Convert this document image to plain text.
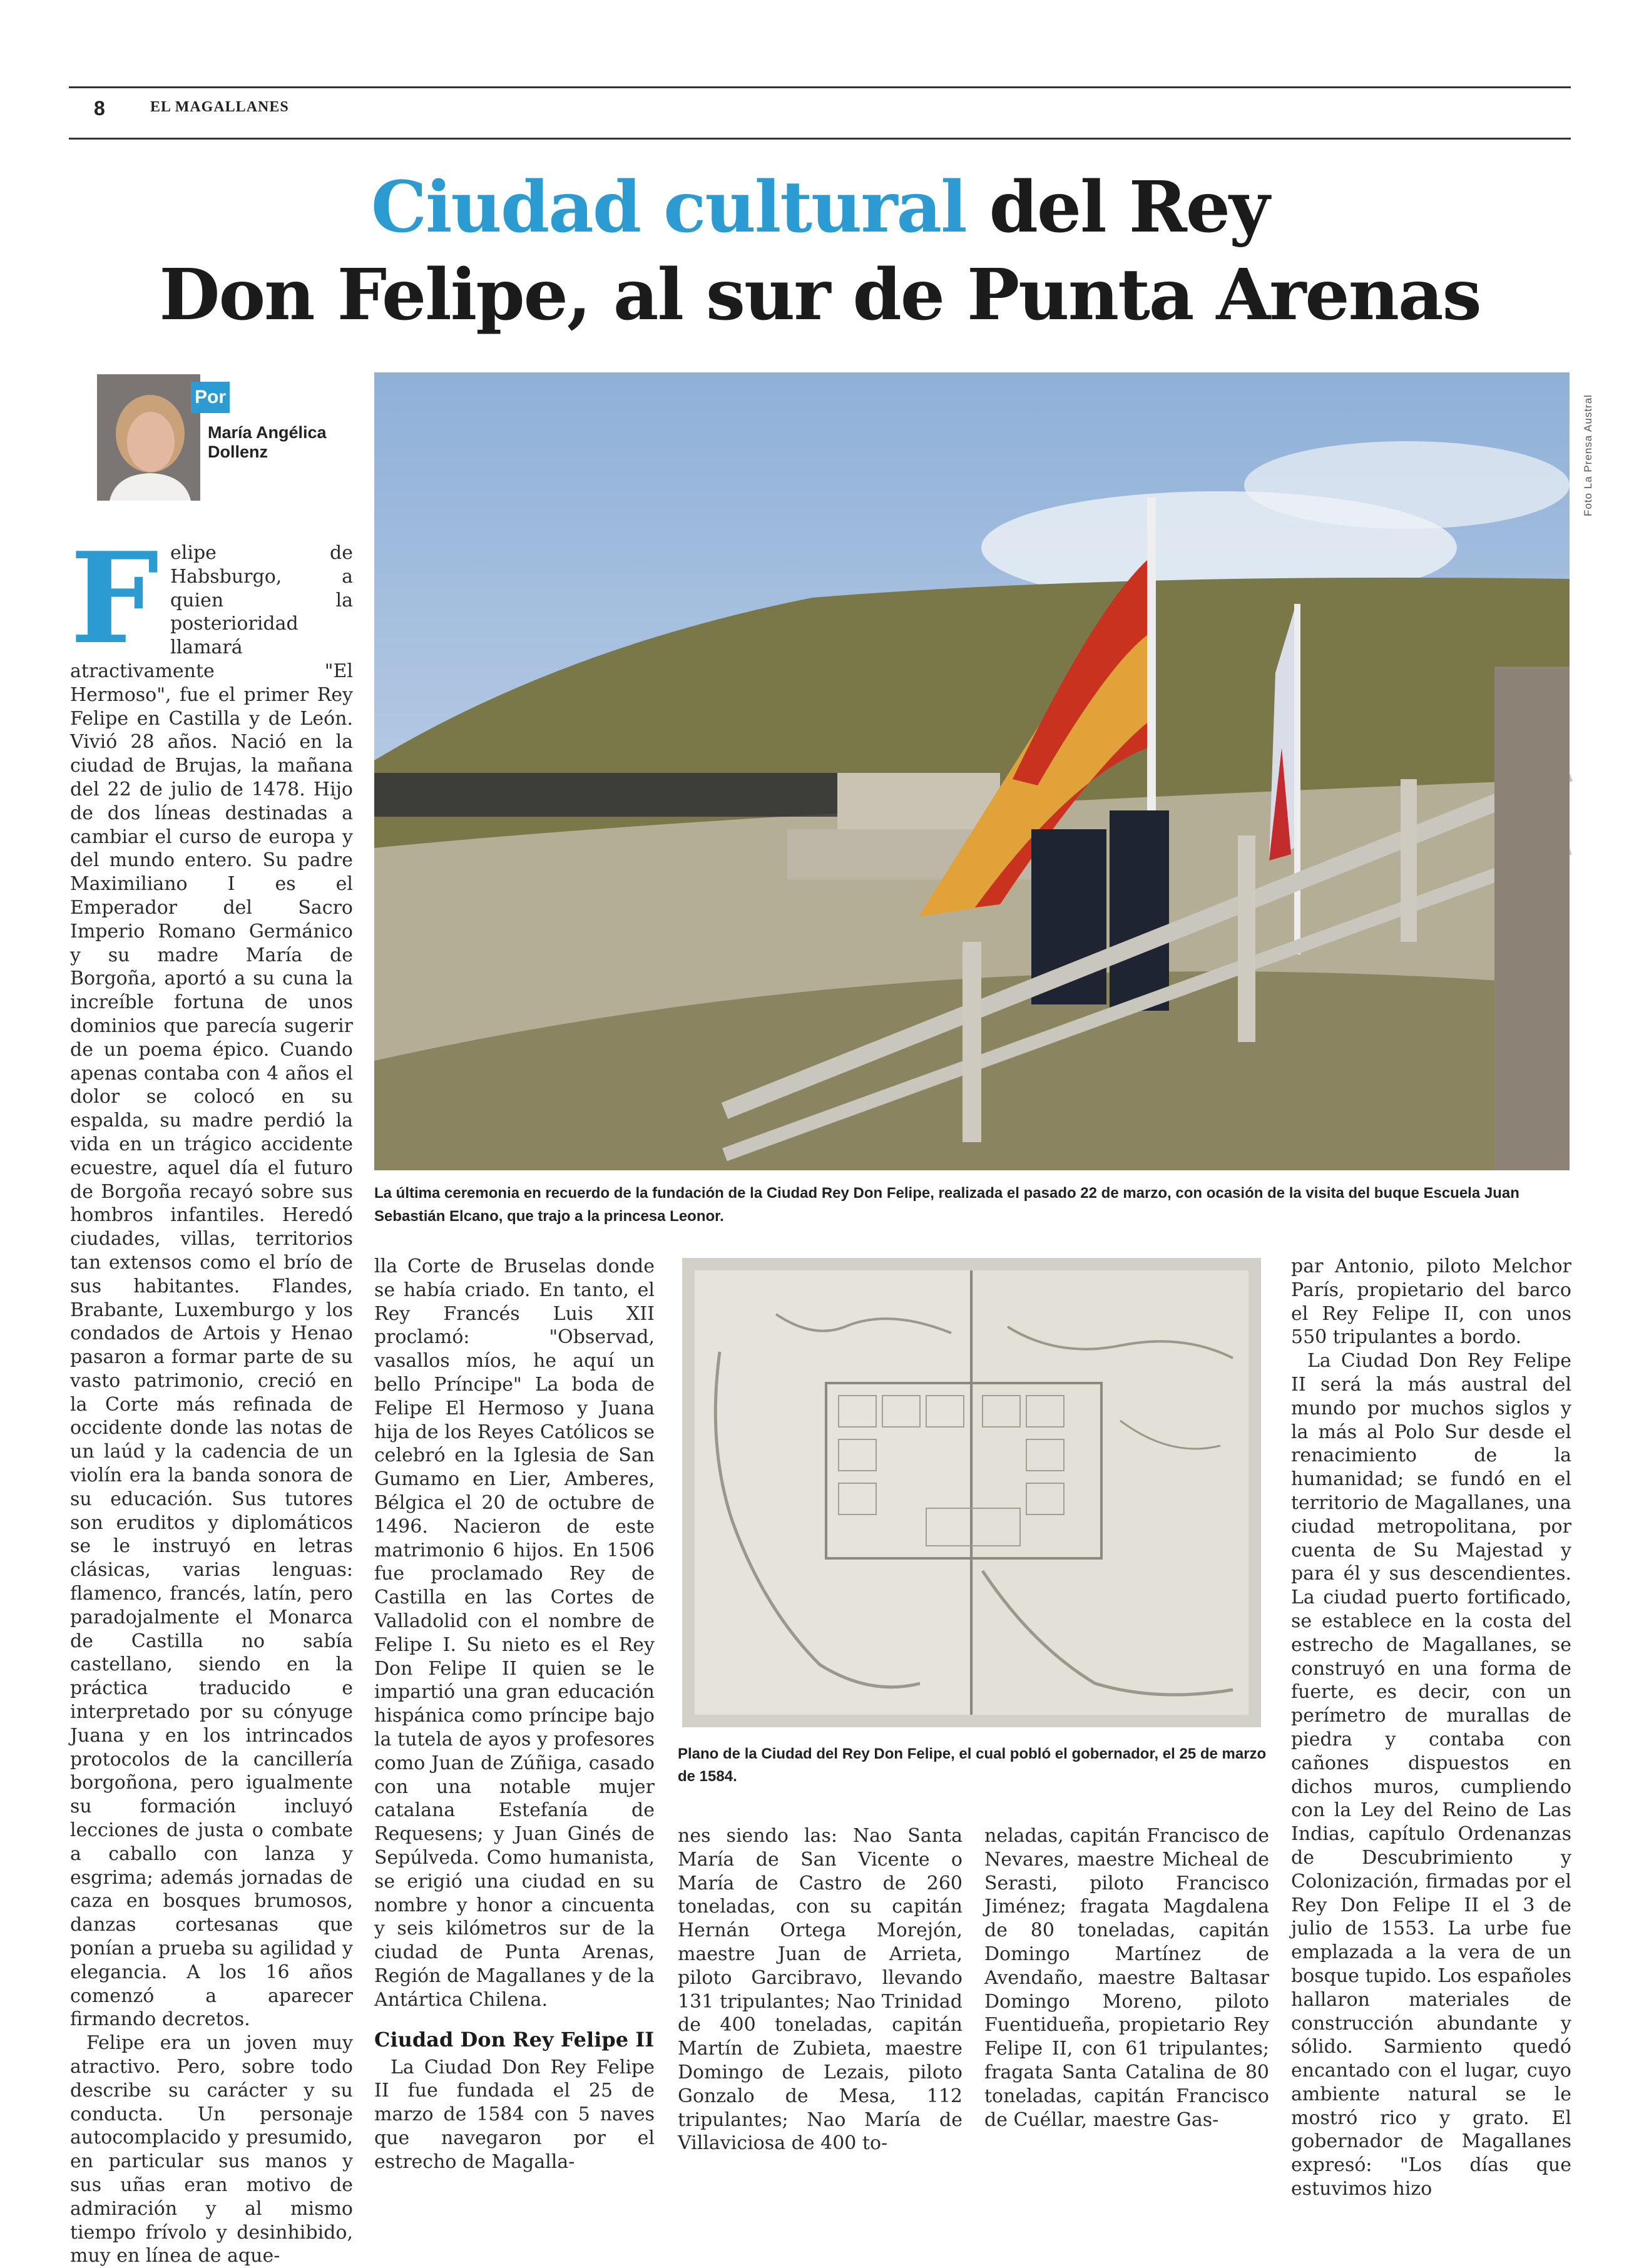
8	EL MAGALLANES
Ciudad cultural del Rey
Don Felipe, al sur de Punta Arenas
Por
María Angélica Dollenz	Foto La Prensa Austral
La última ceremonia en recuerdo de la fundación de la Ciudad Rey Don Felipe, realizada el pasado 22 de marzo, con ocasión de la visita del buque Escuela Juan Sebastián Elcano, que trajo a la princesa Leonor.

Felipe de Habsburgo, a quien la posterioridad llamará atractivamente "El Hermoso", fue el primer Rey Felipe en Castilla y de León. Vivió 28 años. Nació en la ciudad de Brujas, la mañana del 22 de julio de 1478. Hijo de dos líneas destinadas a cambiar el curso de europa y del mundo entero. Su padre Maximiliano I es el Emperador del Sacro Imperio Romano Germánico y su madre María de Borgoña, aportó a su cuna la increíble fortuna de unos dominios que parecía sugerir de un poema épico. Cuando apenas contaba con 4 años el dolor se colocó en su espalda, su madre perdió la vida en un trágico accidente ecuestre, aquel día el futuro de Borgoña recayó sobre sus hombros infantiles. Heredó ciudades, villas, territorios tan extensos como el brío de sus habitantes. Flandes, Brabante, Luxemburgo y los condados de Artois y Henao pasaron a formar parte de su vasto patrimonio, creció en la Corte más refinada de occidente donde las notas de un laúd y la cadencia de un violín era la banda sonora de su educación. Sus tutores son eruditos y diplomáticos se le instruyó en letras clásicas, varias lenguas: flamenco, francés, latín, pero paradojalmente el Monarca de Castilla no sabía castellano, siendo en la práctica traducido e interpretado por su cónyuge Juana y en los intrincados protocolos de la cancillería borgoñona, pero igualmente su formación incluyó lecciones de justa o combate a caballo con lanza y esgrima; además jornadas de caza en bosques brumosos, danzas cortesanas que ponían a prueba su agilidad y elegancia. A los 16 años comenzó a aparecer firmando decretos.

Felipe era un joven muy atractivo. Pero, sobre todo describe su carácter y su conducta. Un personaje autocomplacido y presumido, en particular sus manos y sus uñas eran motivo de admiración y al mismo tiempo frívolo y desinhibido, muy en línea de aque-

lla Corte de Bruselas donde se había criado. En tanto, el Rey Francés Luis XII proclamó: "Observad, vasallos míos, he aquí un bello Príncipe" La boda de Felipe El Hermoso y Juana hija de los Reyes Católicos se celebró en la Iglesia de San Gumamo en Lier, Amberes, Bélgica el 20 de octubre de 1496. Nacieron de este matrimonio 6 hijos. En 1506 fue proclamado Rey de Castilla en las Cortes de Valladolid con el nombre de Felipe I. Su nieto es el Rey Don Felipe II quien se le impartió una gran educación hispánica como príncipe bajo la tutela de ayos y profesores como Juan de Zúñiga, casado con una notable mujer catalana Estefanía de Requesens; y Juan Ginés de Sepúlveda. Como humanista, se erigió una ciudad en su nombre y honor a cincuenta y seis kilómetros sur de la ciudad de Punta Arenas, Región de Magallanes y de la Antártica Chilena.

Ciudad Don Rey Felipe II

La Ciudad Don Rey Felipe II fue fundada el 25 de marzo de 1584 con 5 naves que navegaron por el estrecho de Magalla-

Plano de la Ciudad del Rey Don Felipe, el cual pobló el gobernador, el 25 de marzo de 1584.

nes siendo las: Nao Santa María de San Vicente o María de Castro de 260 toneladas, con su capitán Hernán Ortega Morejón, maestre Juan de Arrieta, piloto Garcibravo, llevando 131 tripulantes; Nao Trinidad de 400 toneladas, capitán Martín de Zubieta, maestre Domingo de Lezais, piloto Gonzalo de Mesa, 112 tripulantes; Nao María de Villaviciosa de 400 to-

neladas, capitán Francisco de Nevares, maestre Micheal de Serasti, piloto Francisco Jiménez; fragata Magdalena de 80 toneladas, capitán Domingo Martínez de Avendaño, maestre Baltasar Domingo Moreno, piloto Fuentidueña, propietario Rey Felipe II, con 61 tripulantes; fragata Santa Catalina de 80 toneladas, capitán Francisco de Cuéllar, maestre Gas-

par Antonio, piloto Melchor París, propietario del barco el Rey Felipe II, con unos 550 tripulantes a bordo.

La Ciudad Don Rey Felipe II será la más austral del mundo por muchos siglos y la más al Polo Sur desde el renacimiento de la humanidad; se fundó en el territorio de Magallanes, una ciudad metropolitana, por cuenta de Su Majestad y para él y sus descendientes. La ciudad puerto fortificado, se establece en la costa del estrecho de Magallanes, se construyó en una forma de fuerte, es decir, con un perímetro de murallas de piedra y contaba con cañones dispuestos en dichos muros, cumpliendo con la Ley del Reino de Las Indias, capítulo Ordenanzas de Descubrimiento y Colonización, firmadas por el Rey Don Felipe II el 3 de julio de 1553. La urbe fue emplazada a la vera de un bosque tupido. Los españoles hallaron materiales de construcción abundante y sólido. Sarmiento quedó encantado con el lugar, cuyo ambiente natural se le mostró rico y grato. El gobernador de Magallanes expresó: "Los días que estuvimos hizo
